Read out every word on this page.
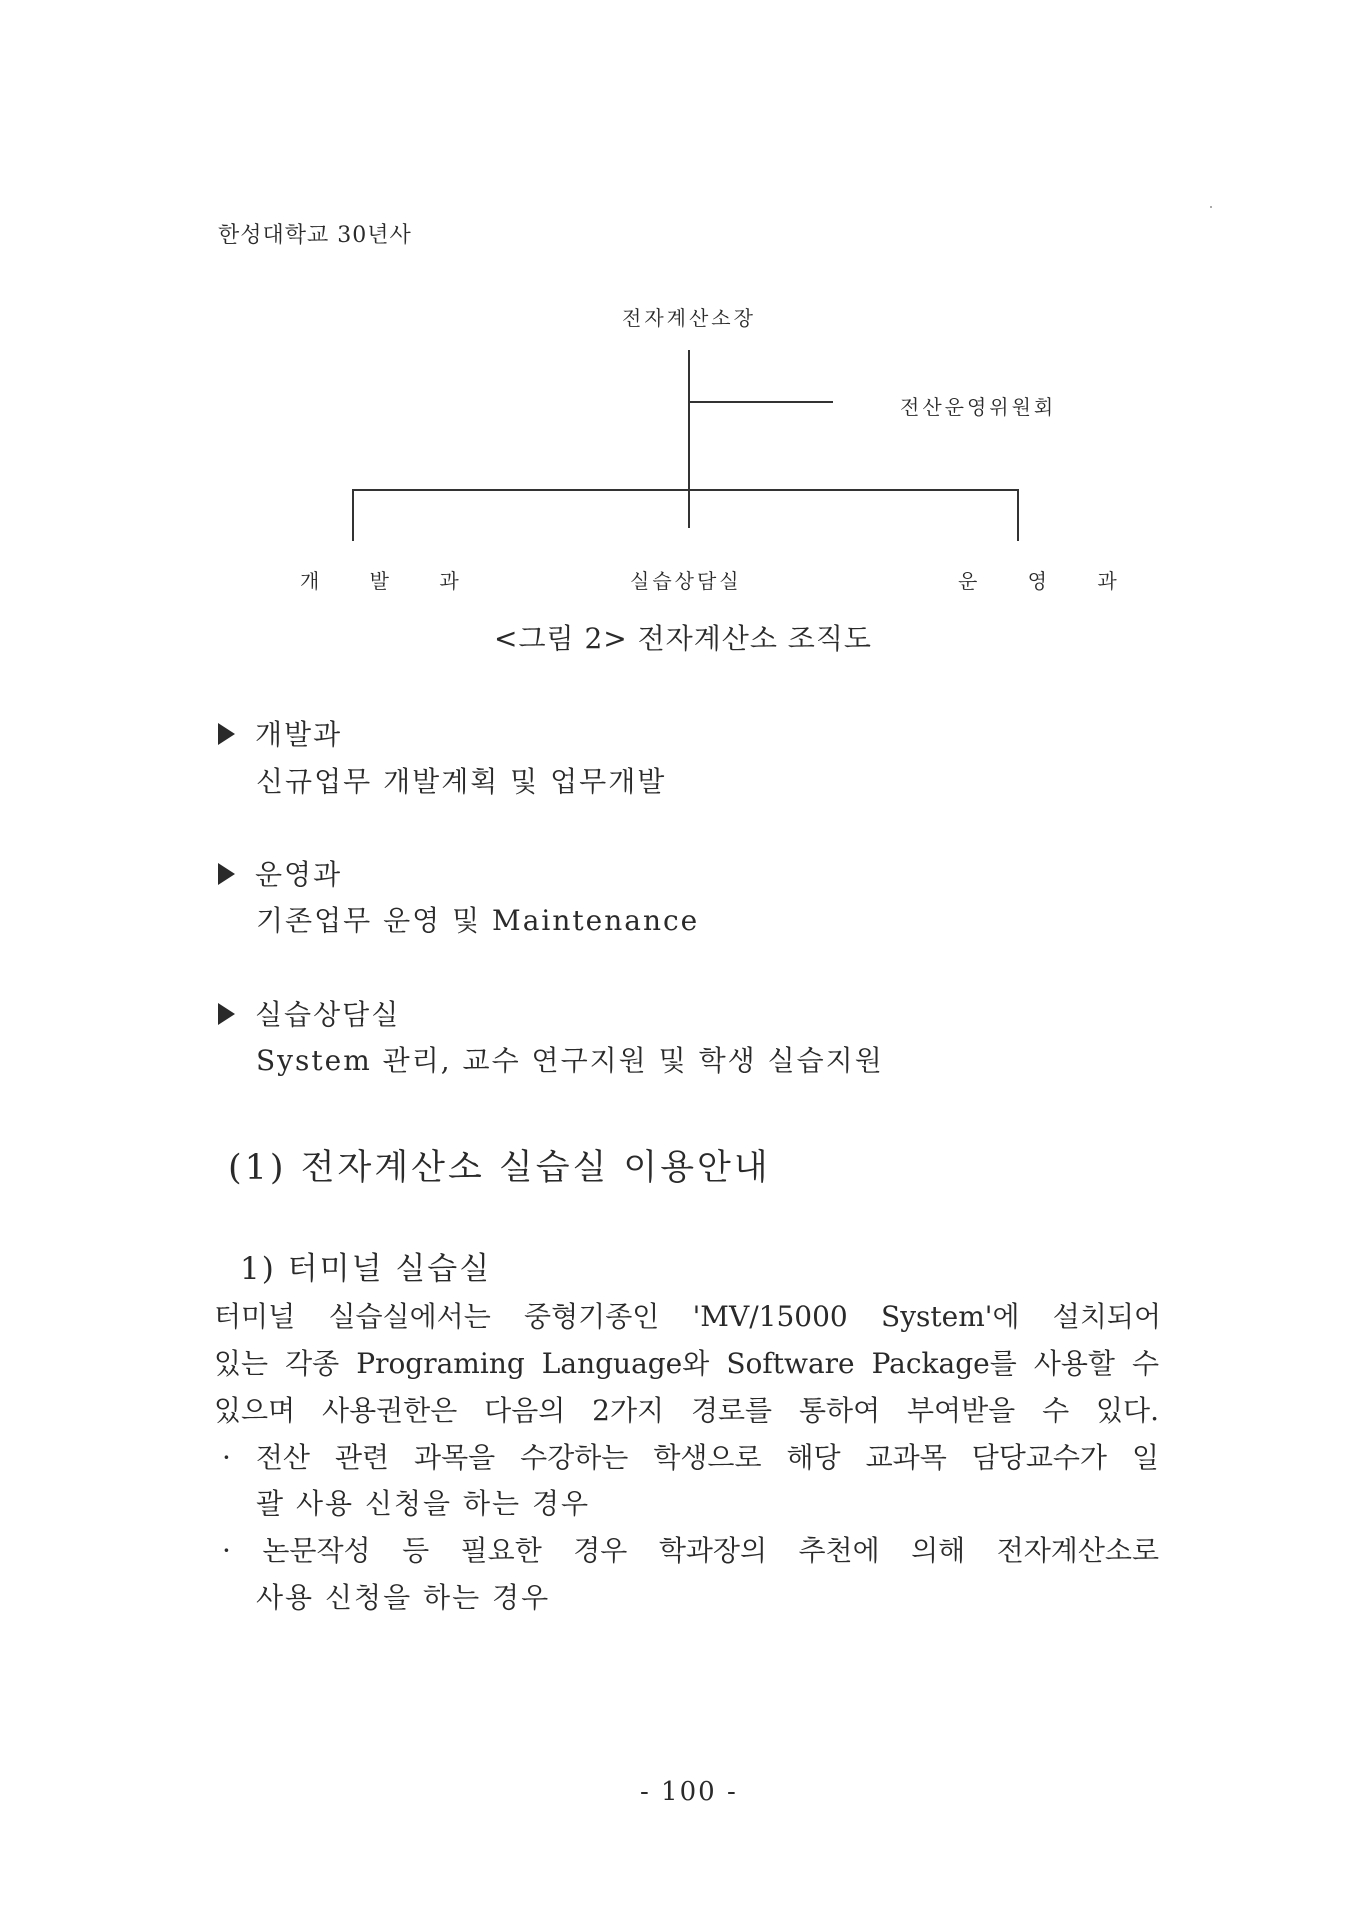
한성대학교 30년사
전자계산소장
전산운영위원회
개 발 과	실습상담실	운 영 과
<그림 2> 전자계산소 조직도
개발과
신규업무 개발계획 및 업무개발
운영과
기존업무 운영 및 Maintenance
실습상담실
System 관리, 교수 연구지원 및 학생 실습지원
(1) 전자계산소 실습실 이용안내
1) 터미널 실습실
터미널 실습실에서는 중형기종인 'MV/15000 System'에 설치되어
있는 각종 Programing Language와 Software Package를 사용할 수
있으며 사용권한은 다음의 2가지 경로를 통하여 부여받을 수 있다.
· 전산 관련 과목을 수강하는 학생으로 해당 교과목 담당교수가 일
괄 사용 신청을 하는 경우
· 논문작성 등 필요한 경우 학과장의 추천에 의해 전자계산소로
사용 신청을 하는 경우
- 100 -
